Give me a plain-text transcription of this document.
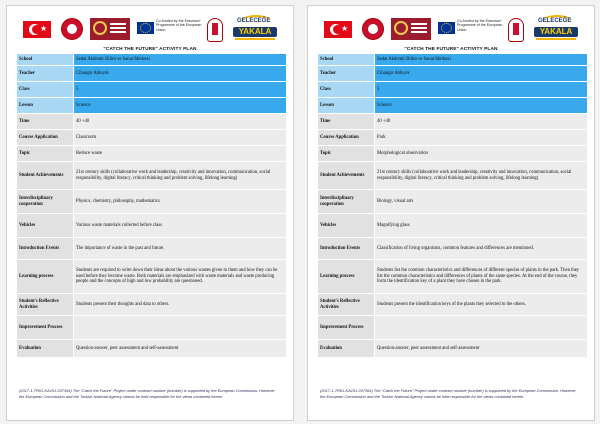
★
Co-funded by the Erasmus+ Programme of the European Union
GELECEĞE
YAKALA
"CATCH THE FUTURE" ACTIVITY PLAN
School	Sedat Akdemir Bilim ve Sanat Merkezi
Teacher	Cihangir Akbıyık
Class	5
Lesson	Science
Time	40 +40
Course Application	Classroom
Topic	Reduce waste
Student Achievements	21st century skills (collaborative work and leadership, creativity and innovation, communication, social responsibility, digital literacy, critical thinking and problem solving, lifelong learning)
Interdisciplinary cooperation	Physics, chemistry, philosophy, mathematics
Vehicles	Various waste materials collected before class
Introduction Events	The importance of waste in the past and future.
Learning process	Students are required to write down their ideas about the various wastes given to them and how they can be used before they become waste. Both materials are emphasized with waste materials and waste producing people and the concepts of high and low probability are questioned.
Student's Reflective Activities	Students present their thoughts and data to others.
Improvement Process	
Evaluation	Question-answer, peer assessment and self-assessment
(2017-1-TR01-KA101-037364) The "Catch the Future" Project under contract number (number) is supported by the European Commission. However, the European Commission and the Turkish National Agency cannot be held responsible for the views contained herein.
★
Co-funded by the Erasmus+ Programme of the European Union
GELECEĞE
YAKALA
"CATCH THE FUTURE" ACTIVITY PLAN
School	Sedat Akdemir Bilim ve Sanat Merkezi
Teacher	Cihangir Akbıyık
Class	5
Lesson	Science
Time	40 +40
Course Application	Park
Topic	Morphological observation
Student Achievements	21st century skills (collaborative work and leadership, creativity and innovation, communication, social responsibility, digital literacy, critical thinking and problem solving, lifelong learning)
Interdisciplinary cooperation	Biology, visual arts
Vehicles	Magnifying glass
Introduction Events	Classification of living organisms, common features and differences are mentioned.
Learning process	Students list the common characteristics and differences of different species of plants in the park. Then they list the common characteristics and differences of plants of the same species. At the end of the course, they form the identification key of a plant they have chosen in the park.
Student's Reflective Activities	Students present the identification keys of the plants they selected to the others.
Improvement Process	
Evaluation	Question-answer, peer assessment and self-assessment
(2017-1-TR01-KA101-037364) The "Catch the Future" Project under contract number (number) is supported by the European Commission. However, the European Commission and the Turkish National Agency cannot be held responsible for the views contained herein.
